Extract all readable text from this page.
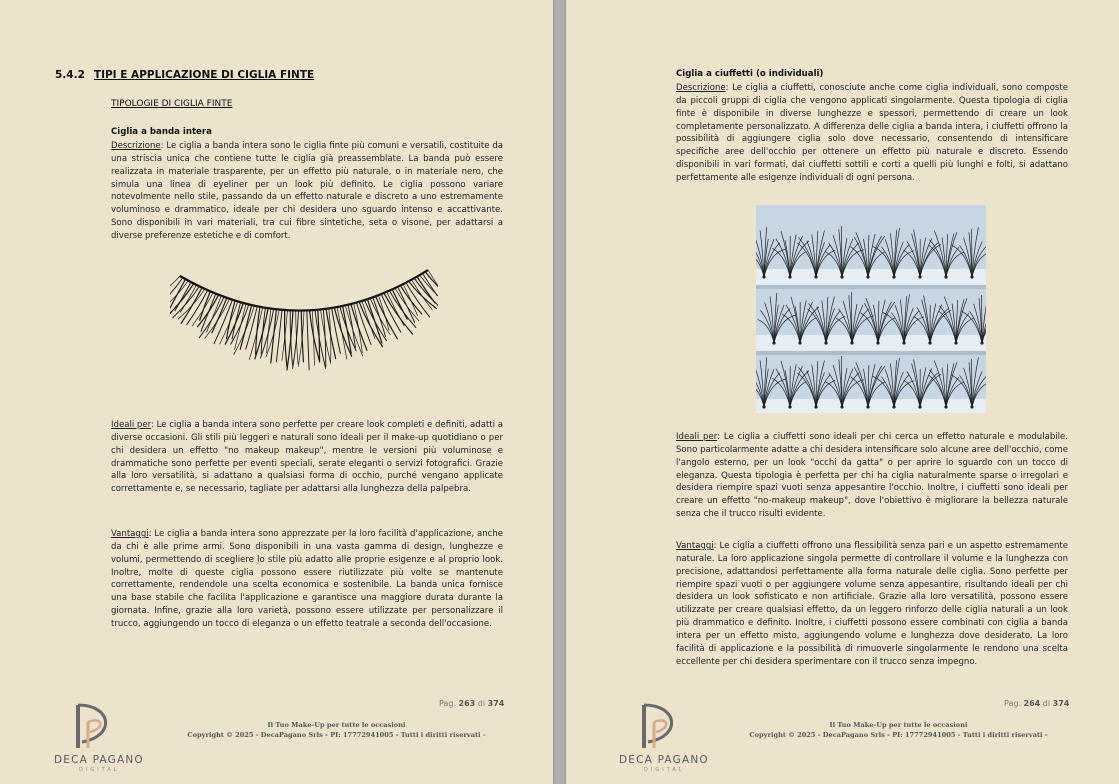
5.4.2 TIPI E APPLICAZIONE DI CIGLIA FINTE
TIPOLOGIE DI CIGLIA FINTE
Ciglia a banda intera
Descrizione: Le ciglia a banda intera sono le ciglia finte più comuni e versatili, costituite da una striscia unica che contiene tutte le ciglia già preassemblate. La banda può essere realizzata in materiale trasparente, per un effetto più naturale, o in materiale nero, che simula una linea di eyeliner per un look più definito. Le ciglia possono variare notevolmente nello stile, passando da un effetto naturale e discreto a uno estremamente voluminoso e drammatico, ideale per chi desidera uno sguardo intenso e accattivante. Sono disponibili in vari materiali, tra cui fibre sintetiche, seta o visone, per adattarsi a diverse preferenze estetiche e di comfort.
Ideali per: Le ciglia a banda intera sono perfette per creare look completi e definiti, adatti a diverse occasioni. Gli stili più leggeri e naturali sono ideali per il make-up quotidiano o per chi desidera un effetto "no makeup makeup", mentre le versioni più voluminose e drammatiche sono perfette per eventi speciali, serate eleganti o servizi fotografici. Grazie alla loro versatilità, si adattano a qualsiasi forma di occhio, purché vengano applicate correttamente e, se necessario, tagliate per adattarsi alla lunghezza della palpebra.
Vantaggi: Le ciglia a banda intera sono apprezzate per la loro facilità d'applicazione, anche da chi è alle prime armi. Sono disponibili in una vasta gamma di design, lunghezze e volumi, permettendo di scegliere lo stile più adatto alle proprie esigenze e al proprio look. Inoltre, molte di queste ciglia possono essere riutilizzate più volte se mantenute correttamente, rendendole una scelta economica e sostenibile. La banda unica fornisce una base stabile che facilita l'applicazione e garantisce una maggiore durata durante la giornata. Infine, grazie alla loro varietà, possono essere utilizzate per personalizzare il trucco, aggiungendo un tocco di eleganza o un effetto teatrale a seconda dell'occasione.
Pag. 263 di 374
Il Tuo Make-Up per tutte le occasioni
Copyright © 2025 - DecaPagano Srls - PI: 17772941005 - Tutti i diritti riservati -
DECA PAGANO
DIGITAL
Ciglia a ciuffetti (o individuali)
Descrizione: Le ciglia a ciuffetti, conosciute anche come ciglia individuali, sono composte da piccoli gruppi di ciglia che vengono applicati singolarmente. Questa tipologia di ciglia finte è disponibile in diverse lunghezze e spessori, permettendo di creare un look completamente personalizzato. A differenza delle ciglia a banda intera, i ciuffetti offrono la possibilità di aggiungere ciglia solo dove necessario, consentendo di intensificare specifiche aree dell'occhio per ottenere un effetto più naturale e discreto. Essendo disponibili in vari formati, dai ciuffetti sottili e corti a quelli più lunghi e folti, si adattano perfettamente alle esigenze individuali di ogni persona.
Ideali per: Le ciglia a ciuffetti sono ideali per chi cerca un effetto naturale e modulabile. Sono particolarmente adatte a chi desidera intensificare solo alcune aree dell'occhio, come l'angolo esterno, per un look "occhi da gatta" o per aprire lo sguardo con un tocco di eleganza. Questa tipologia è perfetta per chi ha ciglia naturalmente sparse o irregolari e desidera riempire spazi vuoti senza appesantire l'occhio. Inoltre, i ciuffetti sono ideali per creare un effetto "no-makeup makeup", dove l'obiettivo è migliorare la bellezza naturale senza che il trucco risulti evidente.
Vantaggi: Le ciglia a ciuffetti offrono una flessibilità senza pari e un aspetto estremamente naturale. La loro applicazione singola permette di controllare il volume e la lunghezza con precisione, adattandosi perfettamente alla forma naturale delle ciglia. Sono perfette per riempire spazi vuoti o per aggiungere volume senza appesantire, risultando ideali per chi desidera un look sofisticato e non artificiale. Grazie alla loro versatilità, possono essere utilizzate per creare qualsiasi effetto, da un leggero rinforzo delle ciglia naturali a un look più drammatico e definito. Inoltre, i ciuffetti possono essere combinati con ciglia a banda intera per un effetto misto, aggiungendo volume e lunghezza dove desiderato. La loro facilità di applicazione e la possibilità di rimuoverle singolarmente le rendono una scelta eccellente per chi desidera sperimentare con il trucco senza impegno.
Pag. 264 di 374
Il Tuo Make-Up per tutte le occasioni
Copyright © 2025 - DecaPagano Srls - PI: 17772941005 - Tutti i diritti riservati -
DECA PAGANO
DIGITAL
